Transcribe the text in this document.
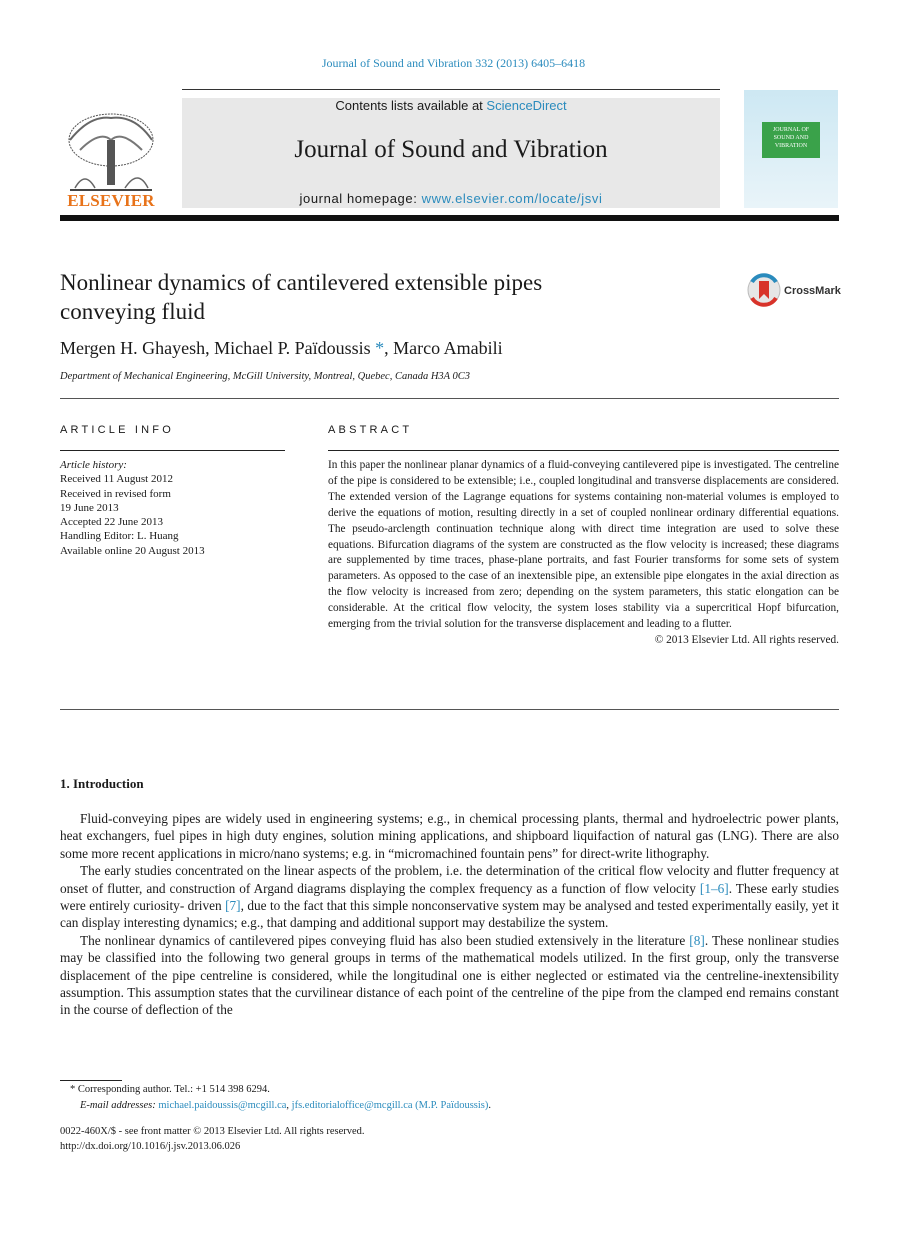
Journal of Sound and Vibration 332 (2013) 6405–6418
ELSEVIER
Contents lists available at ScienceDirect
Journal of Sound and Vibration
journal homepage: www.elsevier.com/locate/jsvi
JOURNAL OF SOUND AND VIBRATION
Nonlinear dynamics of cantilevered extensible pipes
conveying fluid
CrossMark
Mergen H. Ghayesh, Michael P. Païdoussis *, Marco Amabili
Department of Mechanical Engineering, McGill University, Montreal, Quebec, Canada H3A 0C3
ARTICLE INFO
Article history:
Received 11 August 2012
Received in revised form
19 June 2013
Accepted 22 June 2013
Handling Editor: L. Huang
Available online 20 August 2013
ABSTRACT
In this paper the nonlinear planar dynamics of a fluid-conveying cantilevered pipe is investigated. The centreline of the pipe is considered to be extensible; i.e., coupled longitudinal and transverse displacements are considered. The extended version of the Lagrange equations for systems containing non-material volumes is employed to derive the equations of motion, resulting directly in a set of coupled nonlinear ordinary differential equations. The pseudo-arclength continuation technique along with direct time integration are used to solve these equations. Bifurcation diagrams of the system are constructed as the flow velocity is increased; these diagrams are supplemented by time traces, phase-plane portraits, and fast Fourier transforms for some sets of system parameters. As opposed to the case of an inextensible pipe, an extensible pipe elongates in the axial direction as the flow velocity is increased from zero; depending on the system parameters, this static elongation can be considerable. At the critical flow velocity, the system loses stability via a supercritical Hopf bifurcation, emerging from the trivial solution for the transverse displacement and leading to a flutter.
© 2013 Elsevier Ltd. All rights reserved.
1. Introduction

Fluid-conveying pipes are widely used in engineering systems; e.g., in chemical processing plants, thermal and hydroelectric power plants, heat exchangers, fuel pipes in high duty engines, solution mining applications, and shipboard liquifaction of natural gas (LNG). There are also some more recent applications in micro/nano systems; e.g. in “micromachined fountain pens” for direct-write lithography.

The early studies concentrated on the linear aspects of the problem, i.e. the determination of the critical flow velocity and flutter frequency at onset of flutter, and construction of Argand diagrams displaying the complex frequency as a function of flow velocity [1–6]. These early studies were entirely curiosity- driven [7], due to the fact that this simple nonconservative system may be analysed and tested experimentally easily, yet it can display interesting dynamics; e.g., that damping and additional support may destabilize the system.

The nonlinear dynamics of cantilevered pipes conveying fluid has also been studied extensively in the literature [8]. These nonlinear studies may be classified into the following two general groups in terms of the mathematical models utilized. In the first group, only the transverse displacement of the pipe centreline is considered, while the longitudinal one is either neglected or estimated via the centreline-inextensibility assumption. This assumption states that the curvilinear distance of each point of the centreline of the pipe from the clamped end remains constant in the course of deflection of the

* Corresponding author. Tel.: +1 514 398 6294.
E-mail addresses: michael.paidoussis@mcgill.ca, jfs.editorialoffice@mcgill.ca (M.P. Païdoussis).
0022-460X/$ - see front matter © 2013 Elsevier Ltd. All rights reserved.
http://dx.doi.org/10.1016/j.jsv.2013.06.026
